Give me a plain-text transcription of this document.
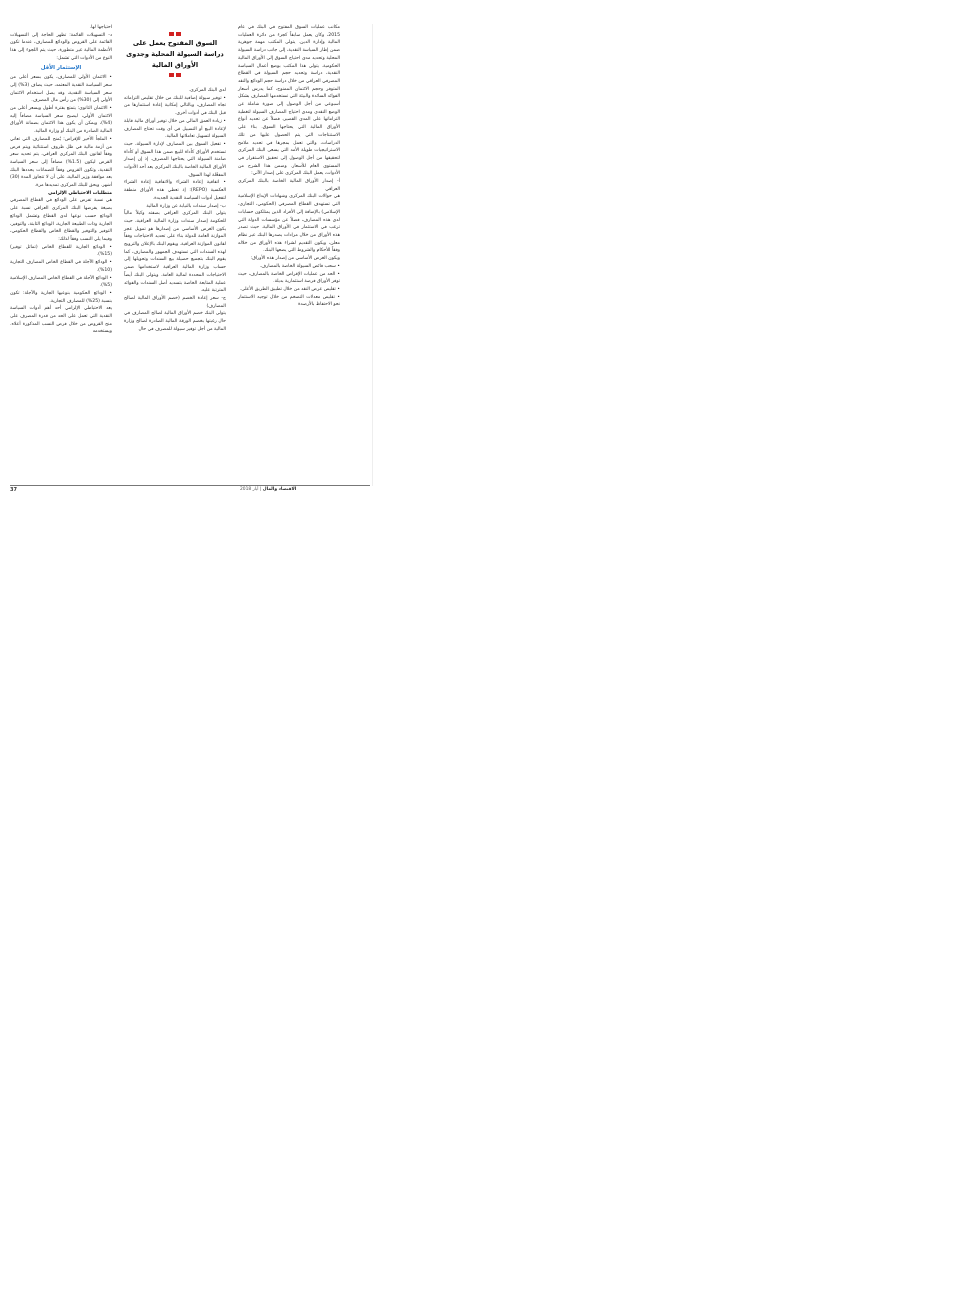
مكانب عمليات السوق المفتوح في البنك في عام 2015، وكان يعمل سابقاً كجزء من دائرة العمليات المالية وإدارة الدين. يتولى المكتب مهمة جوهرية ضمن إطار السياسة النقدية، إلى جانب دراسة السيولة المحلية وتحديد مدى احتياج السوق إلى الأوراق المالية الحكومية. يتولى هذا المكتب بوضع أعمال السياسة النقدية، دراسة وتحديد حجم السيولة في القطاع المصرفي العراقي من خلال دراسة حجم الودائع والنقد المتوفر وحجم الائتمان الممنوح، كما يدرس أسعار الفوائد السائدة والبيئة التي تستخدمها المصارف بشكل أسبوعي من أجل الوصول إلى صورة شاملة عن الوضع النقدي ومدى احتياج المصارف السيولة لتغطية التزاماتها على المدى القصير، فضلاً عن تحديد أنواع الأوراق المالية التي يحتاجها السوق. بناء على الاستنتاجات التي يتم الحصول عليها من تلك الدراسات، والتي تعمل بمجرها في تحديد ملامح الاستراتيجيات طويلة الأمد التي يسعى البنك المركزي لتحقيقها من أجل الوصول إلى تحقيق الاستقرار في المستوى العام للأسعار. وضمن هذا الشرح من الأدوات، يعمل البنك المركزي على إصدار الآتي:

أ- إصدار الأوراق المالية الخاصة بالبنك المركزي العراقي

هي حوالات البنك المركزي وشهادات الإيداع الإسلامية التي تستهدف القطاع المصرفي (الحكومي، التجاري، الإسلامي) بالإضافة إلى الأفراد الذين يمتلكون حسابات لدى هذه المصارف، فضلاً عن مؤسسات الدولة التي ترغب في الاستثمار في الأوراق المالية. حيث تصدر هذه الأوراق من خلال مزادات يصدرها البنك عبر نظام معلن، ويكون التقديم لشراء هذه الأوراق من خلاله وفقاً للأحكام والشروط التي يضعها البنك.

ويكون الغرض الأساسي من إصدار هذه الأوراق:

• سحب فائض السيولة الخاصة بالمصارف.

• الحد من عمليات الإقراض الخاصة بالمصارف، حيث توفر الأوراق فرصة استثمارية بديلة.

• تقليص عرض النقد من خلال تطبيق الطريق الأعلى.

• تقليص معدلات التضخم من خلال توجيه الاستثمار نحو الاحتفاظ بالأرصدة

السوق المفتوح يعمل على دراسة السيولة المحلية وجدوى الأوراق المالية

لدى البنك المركزي.

• توفير سيولة إضافية للبنك من خلال تقليص التزاماته تجاه المصارف، وبالتالي إمكانية إعادة استثمارها من قبل البنك في أدوات أخرى.

• زيادة العمق المالي من خلال توفير أوراق مالية قابلة لإعادة البيع أو التسييل في أي وقت تحتاج المصارف السيولة لتسهيل تعاملاتها المالية.

• تفعيل السوق بين المصارف لإدارة السيولة، حيث تستخدم الأوراق كأداة للبيع ضمن هذا السوق أو كأداة ضامنة السيولة التي يحتاجها المصرف. إذ إن إصدار الأوراق المالية الخاصة بالبنك المركزي يعد أحد الأدوات المفعّلة لهذا السوق.

• اتفاقية إعادة الشراء والاتفاقية إعادة الشراء العكسية (REPO): إذ تعطي هذه الأوراق منطقة لتفعيل أدوات السياسة النقدية الجديدة.

ب- إصدار سندات بالنيابة عن وزارة المالية

يتولى البنك المركزي العراقي بصفته وكيلاً مالياً للحكومة إصدار سندات وزارة المالية العراقية، حيث يكون الغرض الأساسي من إصدارها هو تمويل عجز الموازنة العامة للدولة بناء على تحديد الاحتياجات وفقاً لقانون الموازنة العراقية. ويقوم البنك بالإعلان والترويج لهذه السندات التي تستهدف الجمهور والمصارف، كما يقوم البنك بتجميع حصيلة بيع السندات وتحويلها إلى حساب وزارة المالية العراقية لاستخدامها ضمن الاحتياجات المحددة لمالية العامة. ويتولى البنك أيضاً عملية المتابعة الخاصة بتسديد أصل السندات والفوائد المترتبة عليه.

ج- سعر إعادة الخصم (خصم الأوراق المالية لصالح المصارف)

يتولى البنك خصم الأوراق المالية لصالح المصارف في حال رغبتها بخصم الورقة المالية الصادرة لصالح وزارة المالية من أجل توفير سيولة للمصرف في حال

احتياجها لها.

د- التسهيلات القائمة: تظهر الحاجة إلى التسهيلات القائمة على القروض والودائع للمصارف، عندما تكون الأنظمة المالية غير متطورة، حيث يتم اللجوء إلى هذا النوع من الأدوات التي تشمل:

الإستثمار الأقل

• الائتمان الأولي للمصارف، يكون بسعر أعلى من سعر السياسة النقدية المعتمد، حيث يضاف (3%) إلى سعر السياسة النقدية، وقد يصل استخدام الائتمان الأولي إلى (30%) من رأس مال المصرف.

• الائتمان الثانوي: يتمتع بفترة أطول ويسعر أعلى من الائتمان الأولي، ليصبح سعر السياسة مضافاً إليه (4%)، ويمكن أن يكون هذا الائتمان بضمانة الأوراق المالية الصادرة من البنك أو وزارة المالية.

• الملجأ الأخير للإقراض: يُمنح للمصارف التي تعاني من أزمة مالية في ظل ظروف استثنائية ويتم فرض وفقاً لقانون البنك المركزي العراقي، يتم تحديد سعر القرض ليكون (1.5%) مضافاً إلى سعر السياسة النقدية، وتكون القروض وفقاً للضمانات يحددها البنك بعد موافقة وزير المالية، على أن لا تتجاوز المدة (30) أشهر. ويحق للبنك المركزي تمديدها مرة.

متطلبات الاحتياطي الإلزامي

هي نسبة تفرض على الودائع في القطاع المصرفي بصيغة يفرضها البنك المركزي العراقي نسبة على الودائع حسب نوعها لدى القطاع وتشمل الودائع الجارية وذات الطبيعة الجارية، الودائع الثابتة، والتوفير، التوفير والتوفير والقطاع الخاص والقطاع الحكومي، وفيما يلي النسب وفقاً لذلك:

• الودائع الجارية للقطاع الخاص (تماثل توفير) (15%).

• الودائع الآجلة في القطاع الخاص المصارف التجارية (10%).

• الودائع الآجلة في القطاع الخاص المصارف الإسلامية (5%).

• الودائع الحكومية بنوعيها الجارية والآجلة: تكون بنسبة (25%) للمصارف التجارية.

يعد الاحتياطي الإلزامي أحد أهم أدوات السياسة النقدية التي تعمل على الحد من قدرة المصرف على منح القروض من خلال فرض النسب المذكورة أعلاه. ويستخدمه

37	الاقتصاد والمال | أيار 2018
